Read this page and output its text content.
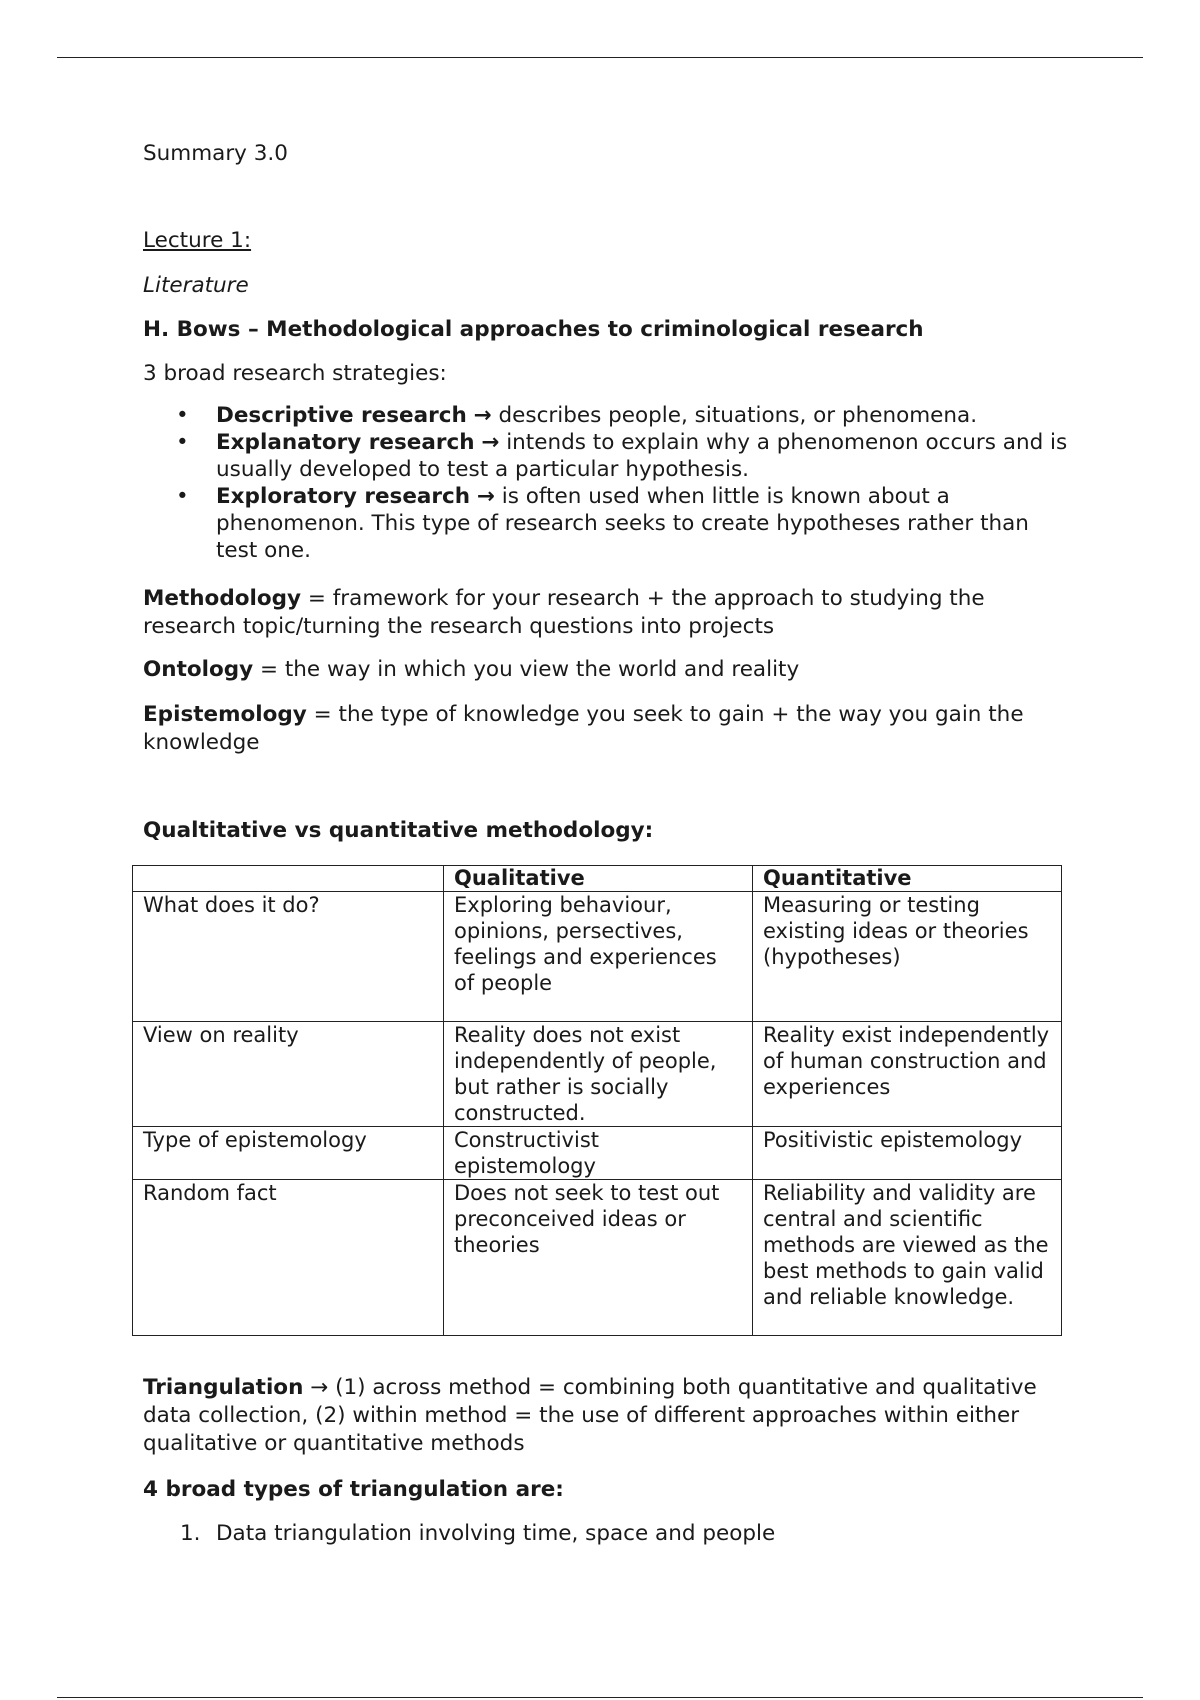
Summary 3.0
Lecture 1:
Literature
H. Bows – Methodological approaches to criminological research
3 broad research strategies:
• Descriptive research → describes people, situations, or phenomena.
• Explanatory research → intends to explain why a phenomenon occurs and is usually developed to test a particular hypothesis.
• Exploratory research → is often used when little is known about a phenomenon. This type of research seeks to create hypotheses rather than test one.

Methodology = framework for your research + the approach to studying the research topic/turning the research questions into projects

Ontology = the way in which you view the world and reality

Epistemology = the type of knowledge you seek to gain + the way you gain the knowledge

Qualtitative vs quantitative methodology:

Triangulation → (1) across method = combining both quantitative and qualitative data collection, (2) within method = the use of different approaches within either qualitative or quantitative methods

4 broad types of triangulation are:
1. Data triangulation involving time, space and people
	Qualitative	Quantitative
What does it do?	Exploring behaviour, opinions, persectives, feelings and experiences of people	Measuring or testing existing ideas or theories (hypotheses)
View on reality	Reality does not exist independently of people, but rather is socially constructed.	Reality exist independently of human construction and experiences
Type of epistemology	Constructivist epistemology	Positivistic epistemology
Random fact	Does not seek to test out preconceived ideas or theories	Reliability and validity are central and scientific methods are viewed as the best methods to gain valid and reliable knowledge.
